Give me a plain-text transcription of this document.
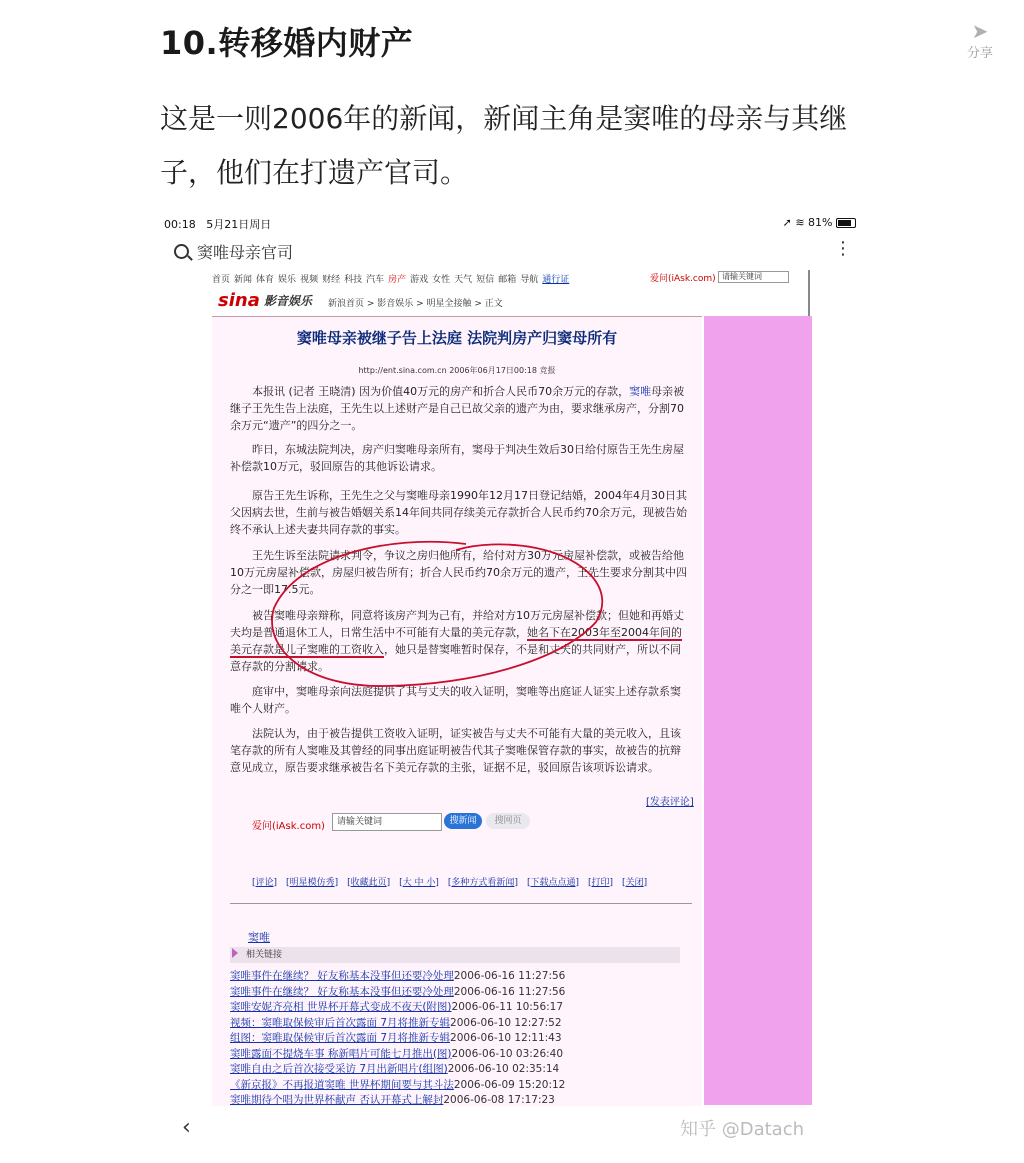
10.转移婚内财产	➤
分享
这是一则2006年的新闻，新闻主角是窦唯的母亲与其继子，他们在打遗产官司。
00:18 5月21日周日	➚ ≋ 81%
窦唯母亲官司	⋮
首页 新闻 体育 娱乐 视频 财经 科技 汽车 房产 游戏 女性 天气 短信 邮箱 导航 通行证	爱问(iAsk.com) 请输关键词
sina 影音娱乐 新浪首页 > 影音娱乐 > 明星全接触 > 正文
窦唯母亲被继子告上法庭 法院判房产归窦母所有
http://ent.sina.com.cn 2006年06月17日00:18 竞报

本报讯 (记者 王晓清) 因为价值40万元的房产和折合人民币70余万元的存款，窦唯母亲被继子王先生告上法庭，王先生以上述财产是自己已故父亲的遗产为由，要求继承房产，分割70余万元“遗产”的四分之一。

昨日，东城法院判决，房产归窦唯母亲所有，窦母于判决生效后30日给付原告王先生房屋补偿款10万元，驳回原告的其他诉讼请求。

原告王先生诉称，王先生之父与窦唯母亲1990年12月17日登记结婚，2004年4月30日其父因病去世，生前与被告婚姻关系14年间共同存续美元存款折合人民币约70余万元，现被告始终不承认上述夫妻共同存款的事实。

王先生诉至法院请求判令，争议之房归他所有，给付对方30万元房屋补偿款，或被告给他10万元房屋补偿款，房屋归被告所有；折合人民币约70余万元的遗产，王先生要求分割其中四分之一即17.5元。

被告窦唯母亲辩称，同意将该房产判为己有，并给对方10万元房屋补偿款；但她和再婚丈夫均是普通退休工人，日常生活中不可能有大量的美元存款，她名下在2003年至2004年间的美元存款是儿子窦唯的工资收入，她只是替窦唯暂时保存，不是和丈夫的共同财产，所以不同意存款的分割请求。

庭审中，窦唯母亲向法庭提供了其与丈夫的收入证明，窦唯等出庭证人证实上述存款系窦唯个人财产。

法院认为，由于被告提供工资收入证明，证实被告与丈夫不可能有大量的美元收入，且该笔存款的所有人窦唯及其曾经的同事出庭证明被告代其子窦唯保管存款的事实，故被告的抗辩意见成立，原告要求继承被告名下美元存款的主张，证据不足，驳回原告该项诉讼请求。

[发表评论]
爱问(iAsk.com)	请输关键词	搜新闻	搜网页
[评论] [明星模仿秀] [收藏此页] [大 中 小] [多种方式看新闻] [下载点点通] [打印] [关闭]
窦唯
相关链接
窦唯事件在继续？ 好友称基本没事但还要冷处理2006-06-16 11:27:56
窦唯事件在继续？ 好友称基本没事但还要冷处理2006-06-16 11:27:56
窦唯安妮齐亮相 世界杯开幕式变成不夜天(附图)2006-06-11 10:56:17
视频：窦唯取保候审后首次露面 7月将推新专辑2006-06-10 12:27:52
组图：窦唯取保候审后首次露面 7月将推新专辑2006-06-10 12:11:43
窦唯露面不提烧车事 称新唱片可能七月推出(图)2006-06-10 03:26:40
窦唯自由之后首次接受采访 7月出新唱片(组图)2006-06-10 02:35:14
《新京报》不再报道窦唯 世界杯期间要与其斗法2006-06-09 15:20:12
窦唯期待个唱为世界杯献声 否认开幕式上解封2006-06-08 17:17:23
‹	知乎 @Datach
